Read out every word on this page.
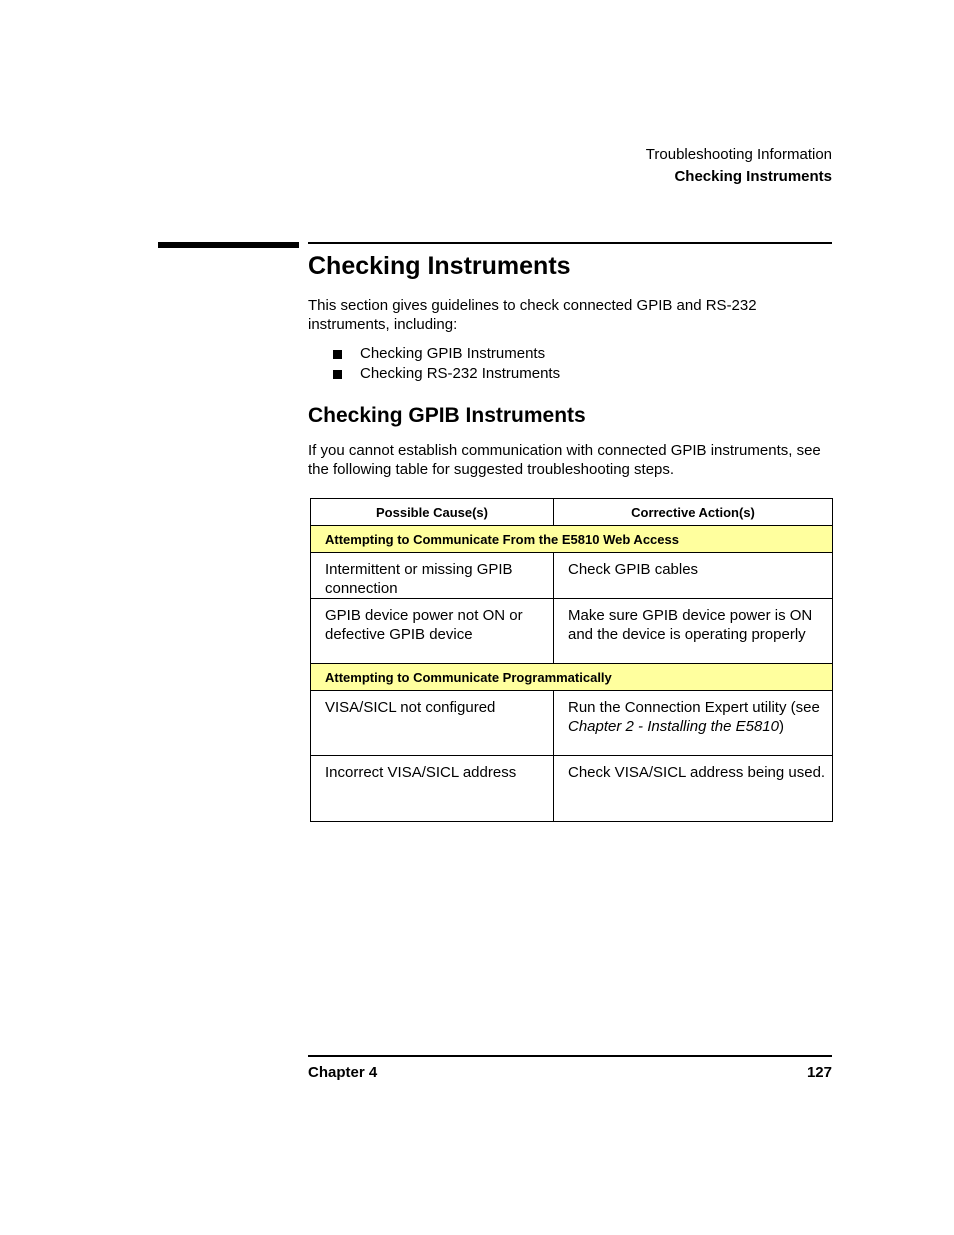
Troubleshooting Information
Checking Instruments
Checking Instruments

This section gives guidelines to check connected GPIB and RS-232 instruments, including:

Checking GPIB Instruments
Checking RS-232 Instruments
Checking GPIB Instruments

If you cannot establish communication with connected GPIB instruments, see the following table for suggested troubleshooting steps.

Possible Cause(s)	Corrective Action(s)
Attempting to Communicate From the E5810 Web Access	
Intermittent or missing GPIB connection	Check GPIB cables
GPIB device power not ON or defective GPIB device	Make sure GPIB device power is ON and the device is operating properly
Attempting to Communicate Programmatically	
VISA/SICL not configured	Run the Connection Expert utility (see Chapter 2 - Installing the E5810)
Incorrect VISA/SICL address	Check VISA/SICL address being used.
Chapter 4	127
